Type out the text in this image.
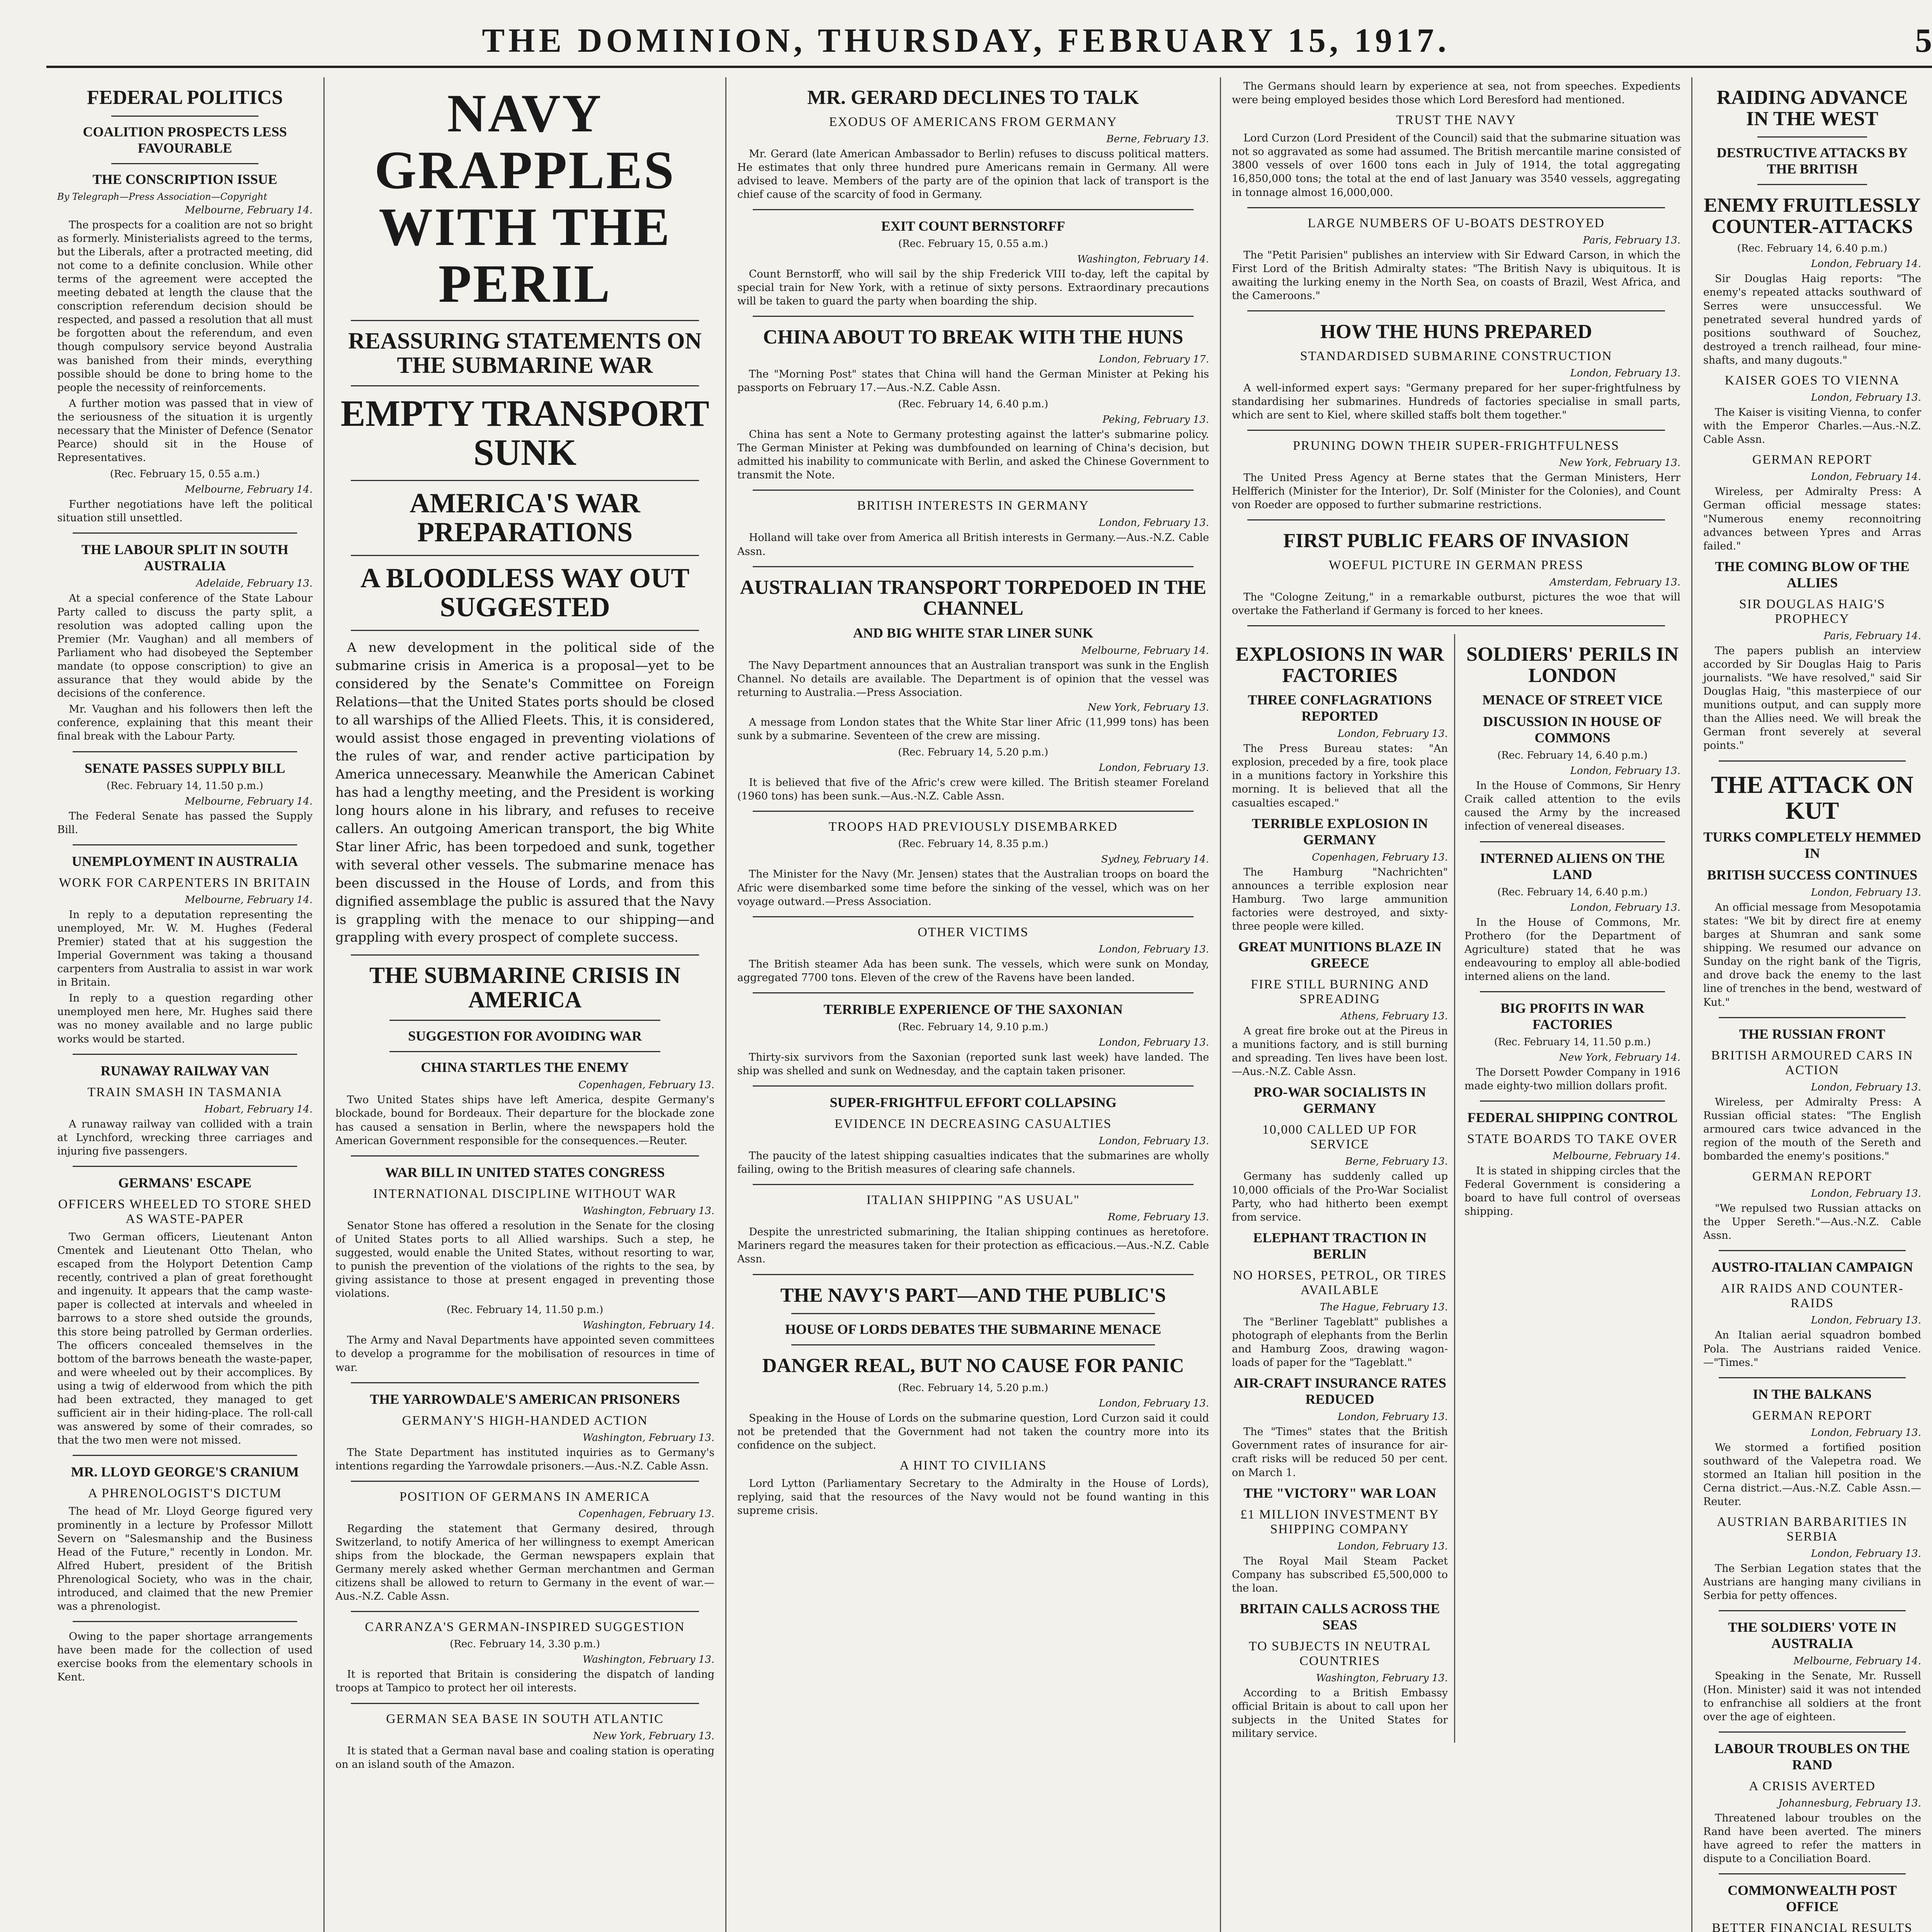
THE DOMINION, THURSDAY, FEBRUARY 15, 1917.	5
FEDERAL POLITICS
COALITION PROSPECTS LESS FAVOURABLE
THE CONSCRIPTION ISSUE
By Telegraph—Press Association—Copyright
Melbourne, February 14.

The prospects for a coalition are not so bright as formerly. Ministerialists agreed to the terms, but the Liberals, after a protracted meeting, did not come to a definite conclusion. While other terms of the agreement were accepted the meeting debated at length the clause that the conscription referendum decision should be respected, and passed a resolution that all must be forgotten about the referendum, and even though compulsory service beyond Australia was banished from their minds, everything possible should be done to bring home to the people the necessity of reinforcements.

A further motion was passed that in view of the seriousness of the situation it is urgently necessary that the Minister of Defence (Senator Pearce) should sit in the House of Representatives.

(Rec. February 15, 0.55 a.m.)
Melbourne, February 14.

Further negotiations have left the political situation still unsettled.

THE LABOUR SPLIT IN SOUTH AUSTRALIA
Adelaide, February 13.

At a special conference of the State Labour Party called to discuss the party split, a resolution was adopted calling upon the Premier (Mr. Vaughan) and all members of Parliament who had disobeyed the September mandate (to oppose conscription) to give an assurance that they would abide by the decisions of the conference.

Mr. Vaughan and his followers then left the conference, explaining that this meant their final break with the Labour Party.

SENATE PASSES SUPPLY BILL
(Rec. February 14, 11.50 p.m.)
Melbourne, February 14.

The Federal Senate has passed the Supply Bill.

UNEMPLOYMENT IN AUSTRALIA
WORK FOR CARPENTERS IN BRITAIN
Melbourne, February 14.

In reply to a deputation representing the unemployed, Mr. W. M. Hughes (Federal Premier) stated that at his suggestion the Imperial Government was taking a thousand carpenters from Australia to assist in war work in Britain.

In reply to a question regarding other unemployed men here, Mr. Hughes said there was no money available and no large public works would be started.

RUNAWAY RAILWAY VAN
TRAIN SMASH IN TASMANIA
Hobart, February 14.

A runaway railway van collided with a train at Lynchford, wrecking three carriages and injuring five passengers.

GERMANS' ESCAPE
OFFICERS WHEELED TO STORE SHED AS WASTE-PAPER

Two German officers, Lieutenant Anton Cmentek and Lieutenant Otto Thelan, who escaped from the Holyport Detention Camp recently, contrived a plan of great forethought and ingenuity. It appears that the camp waste-paper is collected at intervals and wheeled in barrows to a store shed outside the grounds, this store being patrolled by German orderlies. The officers concealed themselves in the bottom of the barrows beneath the waste-paper, and were wheeled out by their accomplices. By using a twig of elderwood from which the pith had been extracted, they managed to get sufficient air in their hiding-place. The roll-call was answered by some of their comrades, so that the two men were not missed.

MR. LLOYD GEORGE'S CRANIUM
A PHRENOLOGIST'S DICTUM

The head of Mr. Lloyd George figured very prominently in a lecture by Professor Millott Severn on "Salesmanship and the Business Head of the Future," recently in London. Mr. Alfred Hubert, president of the British Phrenological Society, who was in the chair, introduced, and claimed that the new Premier was a phrenologist.

Owing to the paper shortage arrangements have been made for the collection of used exercise books from the elementary schools in Kent.

NAVY GRAPPLES WITH THE PERIL
REASSURING STATEMENTS ON THE SUBMARINE WAR
EMPTY TRANSPORT SUNK
AMERICA'S WAR PREPARATIONS
A BLOODLESS WAY OUT SUGGESTED

A new development in the political side of the submarine crisis in America is a proposal—yet to be considered by the Senate's Committee on Foreign Relations—that the United States ports should be closed to all warships of the Allied Fleets. This, it is considered, would assist those engaged in preventing violations of the rules of war, and render active participation by America unnecessary. Meanwhile the American Cabinet has had a lengthy meeting, and the President is working long hours alone in his library, and refuses to receive callers. An outgoing American transport, the big White Star liner Afric, has been torpedoed and sunk, together with several other vessels. The submarine menace has been discussed in the House of Lords, and from this dignified assemblage the public is assured that the Navy is grappling with the menace to our shipping—and grappling with every prospect of complete success.

THE SUBMARINE CRISIS IN AMERICA
SUGGESTION FOR AVOIDING WAR
CHINA STARTLES THE ENEMY
Copenhagen, February 13.

Two United States ships have left America, despite Germany's blockade, bound for Bordeaux. Their departure for the blockade zone has caused a sensation in Berlin, where the newspapers hold the American Government responsible for the consequences.—Reuter.

WAR BILL IN UNITED STATES CONGRESS
INTERNATIONAL DISCIPLINE WITHOUT WAR
Washington, February 13.

Senator Stone has offered a resolution in the Senate for the closing of United States ports to all Allied warships. Such a step, he suggested, would enable the United States, without resorting to war, to punish the prevention of the violations of the rights to the sea, by giving assistance to those at present engaged in preventing those violations.

(Rec. February 14, 11.50 p.m.)
Washington, February 14.

The Army and Naval Departments have appointed seven committees to develop a programme for the mobilisation of resources in time of war.

THE YARROWDALE'S AMERICAN PRISONERS
GERMANY'S HIGH-HANDED ACTION
Washington, February 13.

The State Department has instituted inquiries as to Germany's intentions regarding the Yarrowdale prisoners.—Aus.-N.Z. Cable Assn.

POSITION OF GERMANS IN AMERICA
Copenhagen, February 13.

Regarding the statement that Germany desired, through Switzerland, to notify America of her willingness to exempt American ships from the blockade, the German newspapers explain that Germany merely asked whether German merchantmen and German citizens shall be allowed to return to Germany in the event of war.—Aus.-N.Z. Cable Assn.

CARRANZA'S GERMAN-INSPIRED SUGGESTION
(Rec. February 14, 3.30 p.m.)
Washington, February 13.

It is reported that Britain is considering the dispatch of landing troops at Tampico to protect her oil interests.

GERMAN SEA BASE IN SOUTH ATLANTIC
New York, February 13.

It is stated that a German naval base and coaling station is operating on an island south of the Amazon.

MR. GERARD DECLINES TO TALK
EXODUS OF AMERICANS FROM GERMANY
Berne, February 13.

Mr. Gerard (late American Ambassador to Berlin) refuses to discuss political matters. He estimates that only three hundred pure Americans remain in Germany. All were advised to leave. Members of the party are of the opinion that lack of transport is the chief cause of the scarcity of food in Germany.

EXIT COUNT BERNSTORFF
(Rec. February 15, 0.55 a.m.)
Washington, February 14.

Count Bernstorff, who will sail by the ship Frederick VIII to-day, left the capital by special train for New York, with a retinue of sixty persons. Extraordinary precautions will be taken to guard the party when boarding the ship.

CHINA ABOUT TO BREAK WITH THE HUNS
London, February 17.

The "Morning Post" states that China will hand the German Minister at Peking his passports on February 17.—Aus.-N.Z. Cable Assn.

(Rec. February 14, 6.40 p.m.)
Peking, February 13.

China has sent a Note to Germany protesting against the latter's submarine policy. The German Minister at Peking was dumbfounded on learning of China's decision, but admitted his inability to communicate with Berlin, and asked the Chinese Government to transmit the Note.

BRITISH INTERESTS IN GERMANY
London, February 13.

Holland will take over from America all British interests in Germany.—Aus.-N.Z. Cable Assn.

AUSTRALIAN TRANSPORT TORPEDOED IN THE CHANNEL
AND BIG WHITE STAR LINER SUNK
Melbourne, February 14.

The Navy Department announces that an Australian transport was sunk in the English Channel. No details are available. The Department is of opinion that the vessel was returning to Australia.—Press Association.

New York, February 13.

A message from London states that the White Star liner Afric (11,999 tons) has been sunk by a submarine. Seventeen of the crew are missing.

(Rec. February 14, 5.20 p.m.)
London, February 13.

It is believed that five of the Afric's crew were killed. The British steamer Foreland (1960 tons) has been sunk.—Aus.-N.Z. Cable Assn.

TROOPS HAD PREVIOUSLY DISEMBARKED
(Rec. February 14, 8.35 p.m.)
Sydney, February 14.

The Minister for the Navy (Mr. Jensen) states that the Australian troops on board the Afric were disembarked some time before the sinking of the vessel, which was on her voyage outward.—Press Association.

OTHER VICTIMS
London, February 13.

The British steamer Ada has been sunk. The vessels, which were sunk on Monday, aggregated 7700 tons. Eleven of the crew of the Ravens have been landed.

TERRIBLE EXPERIENCE OF THE SAXONIAN
(Rec. February 14, 9.10 p.m.)
London, February 13.

Thirty-six survivors from the Saxonian (reported sunk last week) have landed. The ship was shelled and sunk on Wednesday, and the captain taken prisoner.

SUPER-FRIGHTFUL EFFORT COLLAPSING
EVIDENCE IN DECREASING CASUALTIES
London, February 13.

The paucity of the latest shipping casualties indicates that the submarines are wholly failing, owing to the British measures of clearing safe channels.

ITALIAN SHIPPING "AS USUAL"
Rome, February 13.

Despite the unrestricted submarining, the Italian shipping continues as heretofore. Mariners regard the measures taken for their protection as efficacious.—Aus.-N.Z. Cable Assn.

THE NAVY'S PART—AND THE PUBLIC'S
HOUSE OF LORDS DEBATES THE SUBMARINE MENACE
DANGER REAL, BUT NO CAUSE FOR PANIC
(Rec. February 14, 5.20 p.m.)
London, February 13.

Speaking in the House of Lords on the submarine question, Lord Curzon said it could not be pretended that the Government had not taken the country more into its confidence on the subject.

A HINT TO CIVILIANS

Lord Lytton (Parliamentary Secretary to the Admiralty in the House of Lords), replying, said that the resources of the Navy would not be found wanting in this supreme crisis.

The Germans should learn by experience at sea, not from speeches. Expedients were being employed besides those which Lord Beresford had mentioned.

TRUST THE NAVY

Lord Curzon (Lord President of the Council) said that the submarine situation was not so aggravated as some had assumed. The British mercantile marine consisted of 3800 vessels of over 1600 tons each in July of 1914, the total aggregating 16,850,000 tons; the total at the end of last January was 3540 vessels, aggregating in tonnage almost 16,000,000.

LARGE NUMBERS OF U-BOATS DESTROYED
Paris, February 13.

The "Petit Parisien" publishes an interview with Sir Edward Carson, in which the First Lord of the British Admiralty states: "The British Navy is ubiquitous. It is awaiting the lurking enemy in the North Sea, on coasts of Brazil, West Africa, and the Cameroons."

HOW THE HUNS PREPARED
STANDARDISED SUBMARINE CONSTRUCTION
London, February 13.

A well-informed expert says: "Germany prepared for her super-frightfulness by standardising her submarines. Hundreds of factories specialise in small parts, which are sent to Kiel, where skilled staffs bolt them together."

PRUNING DOWN THEIR SUPER-FRIGHTFULNESS
New York, February 13.

The United Press Agency at Berne states that the German Ministers, Herr Helfferich (Minister for the Interior), Dr. Solf (Minister for the Colonies), and Count von Roeder are opposed to further submarine restrictions.

FIRST PUBLIC FEARS OF INVASION
WOEFUL PICTURE IN GERMAN PRESS
Amsterdam, February 13.

The "Cologne Zeitung," in a remarkable outburst, pictures the woe that will overtake the Fatherland if Germany is forced to her knees.

EXPLOSIONS IN WAR FACTORIES
THREE CONFLAGRATIONS REPORTED
London, February 13.

The Press Bureau states: "An explosion, preceded by a fire, took place in a munitions factory in Yorkshire this morning. It is believed that all the casualties escaped."

TERRIBLE EXPLOSION IN GERMANY
Copenhagen, February 13.

The Hamburg "Nachrichten" announces a terrible explosion near Hamburg. Two large ammunition factories were destroyed, and sixty-three people were killed.

GREAT MUNITIONS BLAZE IN GREECE
FIRE STILL BURNING AND SPREADING
Athens, February 13.

A great fire broke out at the Pireus in a munitions factory, and is still burning and spreading. Ten lives have been lost.—Aus.-N.Z. Cable Assn.

PRO-WAR SOCIALISTS IN GERMANY
10,000 CALLED UP FOR SERVICE
Berne, February 13.

Germany has suddenly called up 10,000 officials of the Pro-War Socialist Party, who had hitherto been exempt from service.

ELEPHANT TRACTION IN BERLIN
NO HORSES, PETROL, OR TIRES AVAILABLE
The Hague, February 13.

The "Berliner Tageblatt" publishes a photograph of elephants from the Berlin and Hamburg Zoos, drawing wagon-loads of paper for the "Tageblatt."

AIR-CRAFT INSURANCE RATES REDUCED
London, February 13.

The "Times" states that the British Government rates of insurance for air-craft risks will be reduced 50 per cent. on March 1.

THE "VICTORY" WAR LOAN
£1 MILLION INVESTMENT BY SHIPPING COMPANY
London, February 13.

The Royal Mail Steam Packet Company has subscribed £5,500,000 to the loan.

BRITAIN CALLS ACROSS THE SEAS
TO SUBJECTS IN NEUTRAL COUNTRIES
Washington, February 13.

According to a British Embassy official Britain is about to call upon her subjects in the United States for military service.

SOLDIERS' PERILS IN LONDON
MENACE OF STREET VICE
DISCUSSION IN HOUSE OF COMMONS
(Rec. February 14, 6.40 p.m.)
London, February 13.

In the House of Commons, Sir Henry Craik called attention to the evils caused the Army by the increased infection of venereal diseases.

INTERNED ALIENS ON THE LAND
(Rec. February 14, 6.40 p.m.)
London, February 13.

In the House of Commons, Mr. Prothero (for the Department of Agriculture) stated that he was endeavouring to employ all able-bodied interned aliens on the land.

BIG PROFITS IN WAR FACTORIES
(Rec. February 14, 11.50 p.m.)
New York, February 14.

The Dorsett Powder Company in 1916 made eighty-two million dollars profit.

FEDERAL SHIPPING CONTROL
STATE BOARDS TO TAKE OVER
Melbourne, February 14.

It is stated in shipping circles that the Federal Government is considering a board to have full control of overseas shipping.

RAIDING ADVANCE IN THE WEST
DESTRUCTIVE ATTACKS BY THE BRITISH
ENEMY FRUITLESSLY COUNTER-ATTACKS
(Rec. February 14, 6.40 p.m.)
London, February 14.

Sir Douglas Haig reports: "The enemy's repeated attacks southward of Serres were unsuccessful. We penetrated several hundred yards of positions southward of Souchez, destroyed a trench railhead, four mine-shafts, and many dugouts."

KAISER GOES TO VIENNA
London, February 13.

The Kaiser is visiting Vienna, to confer with the Emperor Charles.—Aus.-N.Z. Cable Assn.

GERMAN REPORT
London, February 14.

Wireless, per Admiralty Press: A German official message states: "Numerous enemy reconnoitring advances between Ypres and Arras failed."

THE COMING BLOW OF THE ALLIES
SIR DOUGLAS HAIG'S PROPHECY
Paris, February 14.

The papers publish an interview accorded by Sir Douglas Haig to Paris journalists. "We have resolved," said Sir Douglas Haig, "this masterpiece of our munitions output, and can supply more than the Allies need. We will break the German front severely at several points."

THE ATTACK ON KUT
TURKS COMPLETELY HEMMED IN
BRITISH SUCCESS CONTINUES
London, February 13.

An official message from Mesopotamia states: "We bit by direct fire at enemy barges at Shumran and sank some shipping. We resumed our advance on Sunday on the right bank of the Tigris, and drove back the enemy to the last line of trenches in the bend, westward of Kut."

THE RUSSIAN FRONT
BRITISH ARMOURED CARS IN ACTION
London, February 13.

Wireless, per Admiralty Press: A Russian official states: "The English armoured cars twice advanced in the region of the mouth of the Sereth and bombarded the enemy's positions."

GERMAN REPORT
London, February 13.

"We repulsed two Russian attacks on the Upper Sereth."—Aus.-N.Z. Cable Assn.

AUSTRO-ITALIAN CAMPAIGN
AIR RAIDS AND COUNTER-RAIDS
London, February 13.

An Italian aerial squadron bombed Pola. The Austrians raided Venice.—"Times."

IN THE BALKANS
GERMAN REPORT
London, February 13.

We stormed a fortified position southward of the Valepetra road. We stormed an Italian hill position in the Cerna district.—Aus.-N.Z. Cable Assn.—Reuter.

AUSTRIAN BARBARITIES IN SERBIA
London, February 13.

The Serbian Legation states that the Austrians are hanging many civilians in Serbia for petty offences.

THE SOLDIERS' VOTE IN AUSTRALIA
Melbourne, February 14.

Speaking in the Senate, Mr. Russell (Hon. Minister) said it was not intended to enfranchise all soldiers at the front over the age of eighteen.

LABOUR TROUBLES ON THE RAND
A CRISIS AVERTED
Johannesburg, February 13.

Threatened labour troubles on the Rand have been averted. The miners have agreed to refer the matters in dispute to a Conciliation Board.

COMMONWEALTH POST OFFICE
BETTER FINANCIAL RESULTS
